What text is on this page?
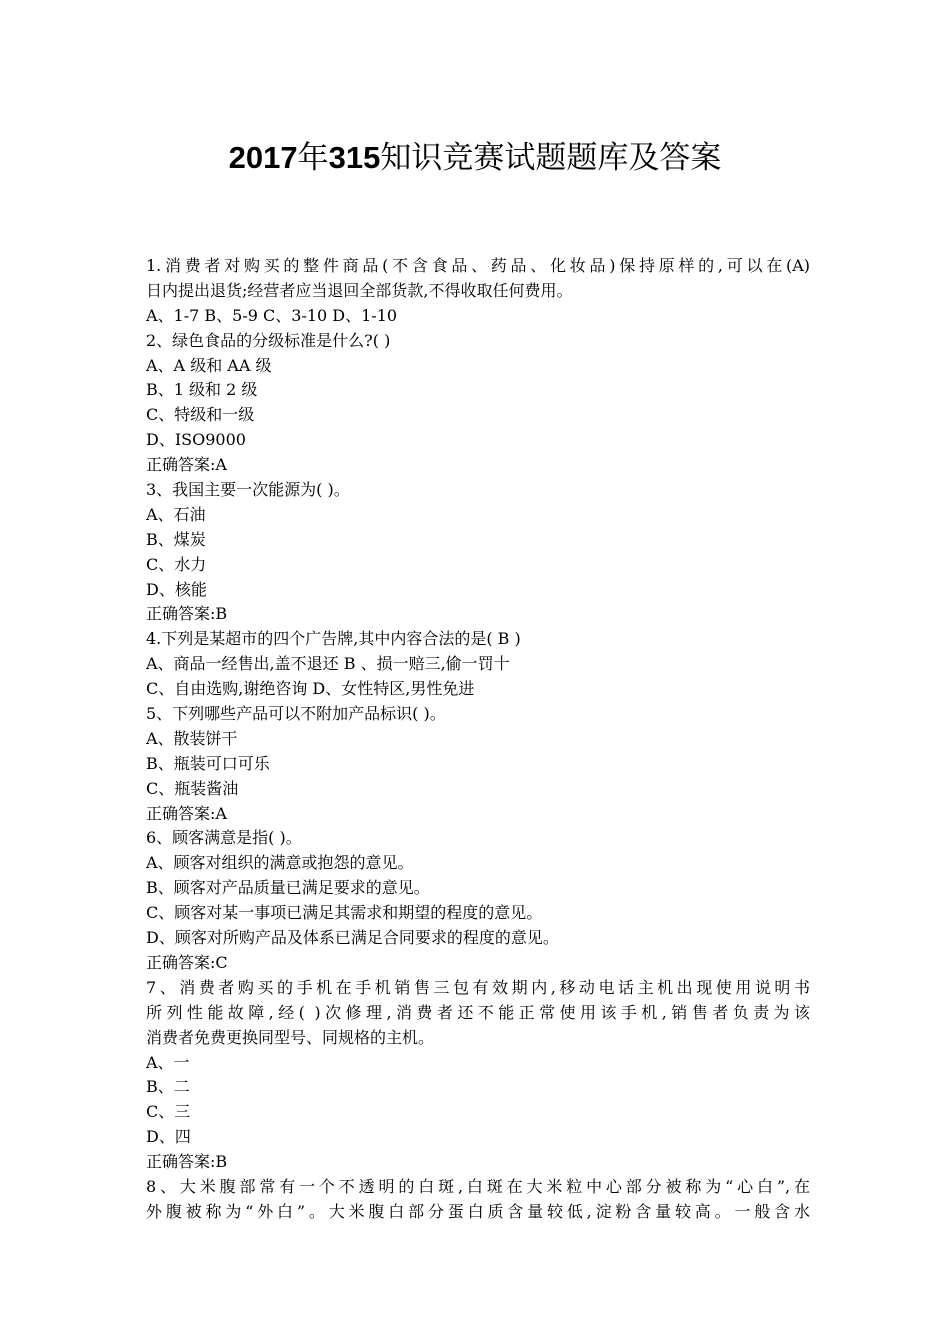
2017年315知识竞赛试题题库及答案
1.消费者对购买的整件商品(不含食品、药品、化妆品)保持原样的,可以在(A)
日内提出退货;经营者应当退回全部货款,不得收取任何费用。
A、1-7 B、5-9 C、3-10 D、1-10
2、绿色食品的分级标准是什么?( )
A、A 级和 AA 级
B、1 级和 2 级
C、特级和一级
D、ISO9000
正确答案:A
3、我国主要一次能源为( )。
A、石油
B、煤炭
C、水力
D、核能
正确答案:B
4.下列是某超市的四个广告牌,其中内容合法的是( B )
A、商品一经售出,盖不退还 B 、损一赔三,偷一罚十
C、自由选购,谢绝咨询 D、女性特区,男性免进
5、下列哪些产品可以不附加产品标识( )。
A、散装饼干
B、瓶装可口可乐
C、瓶装酱油
正确答案:A
6、顾客满意是指( )。
A、顾客对组织的满意或抱怨的意见。
B、顾客对产品质量已满足要求的意见。
C、顾客对某一事项已满足其需求和期望的程度的意见。
D、顾客对所购产品及体系已满足合同要求的程度的意见。
正确答案:C
7、消费者购买的手机在手机销售三包有效期内,移动电话主机出现使用说明书
所列性能故障,经( )次修理,消费者还不能正常使用该手机,销售者负责为该
消费者免费更换同型号、同规格的主机。
A、一
B、二
C、三
D、四
正确答案:B
8、大米腹部常有一个不透明的白斑,白斑在大米粒中心部分被称为“心白”,在
外腹被称为“外白”。大米腹白部分蛋白质含量较低,淀粉含量较高。一般含水
